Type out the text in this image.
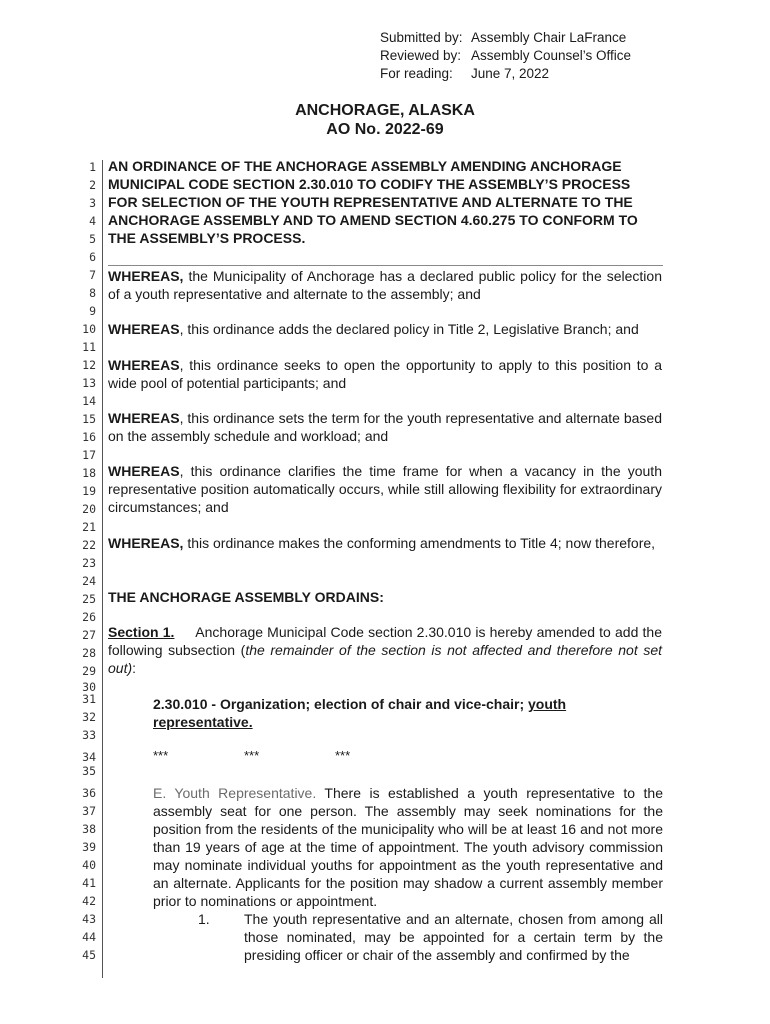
Submitted by: Assembly Chair LaFrance
Reviewed by: Assembly Counsel’s Office
For reading:	June 7, 2022
ANCHORAGE, ALASKA
AO No. 2022-69
1
2
3
4
5
6
7
8
9
10
11
12
13
14
15
16
17
18
19
20
21
22
23
24
25
26
27
28
29
30
31
32
33
34
35
36
37
38
39
40
41
42
43
44
45
AN ORDINANCE OF THE ANCHORAGE ASSEMBLY AMENDING ANCHORAGE MUNICIPAL CODE SECTION 2.30.010 TO CODIFY THE ASSEMBLY’S PROCESS FOR SELECTION OF THE YOUTH REPRESENTATIVE AND ALTERNATE TO THE ANCHORAGE ASSEMBLY AND TO AMEND SECTION 4.60.275 TO CONFORM TO THE ASSEMBLY’S PROCESS.
WHEREAS, the Municipality of Anchorage has a declared public policy for the selection of a youth representative and alternate to the assembly; and
WHEREAS, this ordinance adds the declared policy in Title 2, Legislative Branch; and
WHEREAS, this ordinance seeks to open the opportunity to apply to this position to a wide pool of potential participants; and
WHEREAS, this ordinance sets the term for the youth representative and alternate based on the assembly schedule and workload; and
WHEREAS, this ordinance clarifies the time frame for when a vacancy in the youth representative position automatically occurs, while still allowing flexibility for extraordinary circumstances; and
WHEREAS, this ordinance makes the conforming amendments to Title 4; now therefore,
THE ANCHORAGE ASSEMBLY ORDAINS:
Section 1. Anchorage Municipal Code section 2.30.010 is hereby amended to add the following subsection (the remainder of the section is not affected and therefore not set out):
2.30.010 - Organization; election of chair and vice-chair; youth representative.
***	***	***
E. Youth Representative. There is established a youth representative to the assembly seat for one person. The assembly may seek nominations for the position from the residents of the municipality who will be at least 16 and not more than 19 years of age at the time of appointment. The youth advisory commission may nominate individual youths for appointment as the youth representative and an alternate. Applicants for the position may shadow a current assembly member prior to nominations or appointment.
1. The youth representative and an alternate, chosen from among all those nominated, may be appointed for a certain term by the presiding officer or chair of the assembly and confirmed by the
